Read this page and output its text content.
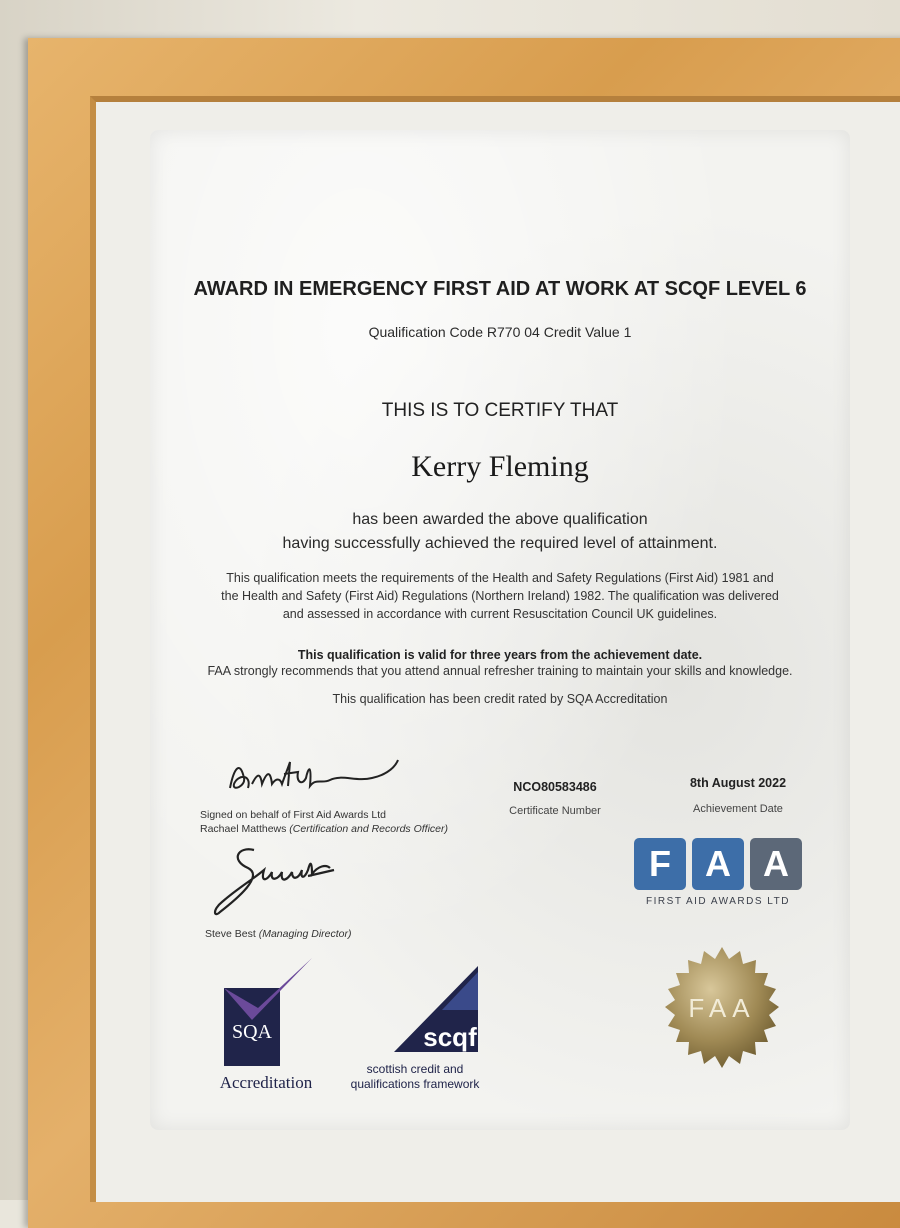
AWARD IN EMERGENCY FIRST AID AT WORK AT SCQF LEVEL 6
Qualification Code R770 04 Credit Value 1
THIS IS TO CERTIFY THAT
Kerry Fleming
has been awarded the above qualification
having successfully achieved the required level of attainment.
This qualification meets the requirements of the Health and Safety Regulations (First Aid) 1981 and
the Health and Safety (First Aid) Regulations (Northern Ireland) 1982. The qualification was delivered
and assessed in accordance with current Resuscitation Council UK guidelines.
This qualification is valid for three years from the achievement date.
FAA strongly recommends that you attend annual refresher training to maintain your skills and knowledge.
This qualification has been credit rated by SQA Accreditation
Signed on behalf of First Aid Awards Ltd
Rachael Matthews (Certification and Records Officer)
Steve Best (Managing Director)
NCO80583486
Certificate Number
8th August 2022
Achievement Date
F A A
FIRST AID AWARDS LTD
SQA
Accreditation
scqf
scottish credit and
qualifications framework
FAA
